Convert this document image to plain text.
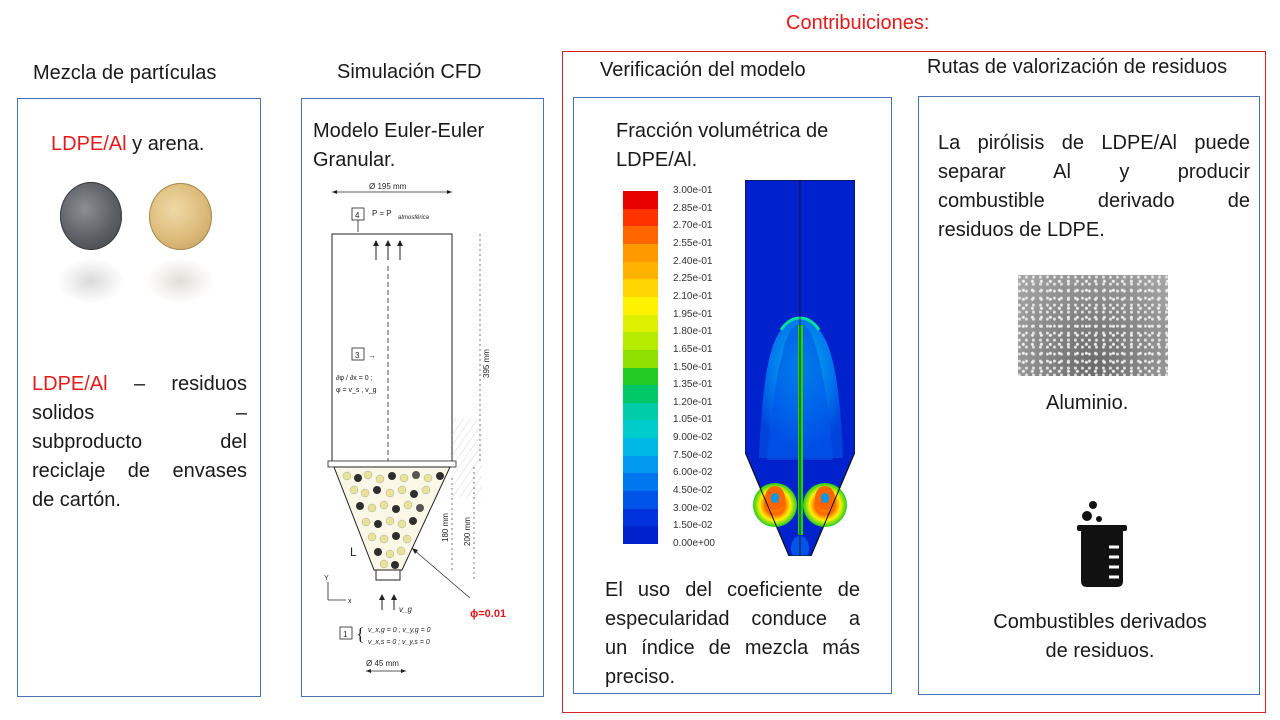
Contribuiciones:
Mezcla de partículas	Simulación CFD	Verificación del modelo	Rutas de valorización de residuos
LDPE/Al y arena.
LDPE/Al – residuos
solidos –
subproducto del
reciclaje de envases
de cartón.
Modelo Euler-Euler
Granular.
Ø 195 mm
4 P = P atmosférica
3 →
∂φ / ∂x = 0 ;
φ = v_s , v_g
395 mm
200 mm
180 mm
L
ϕ=0.01
v_g
Y
x
1 { v_x,g = 0 ; v_y,g = 0
v_x,s = 0 ; v_y,s = 0
Ø 45 mm
Fracción volumétrica de
LDPE/Al.
El uso del coeficiente de
especularidad conduce a
un índice de mezcla más
preciso.
3.00e-01
2.85e-01
2.70e-01
2.55e-01
2.40e-01
2.25e-01
2.10e-01
1.95e-01
1.80e-01
1.65e-01
1.50e-01
1.35e-01
1.20e-01
1.05e-01
9.00e-02
7.50e-02
6.00e-02
4.50e-02
3.00e-02
1.50e-02
0.00e+00
La pirólisis de LDPE/Al puede
separar Al y producir
combustible derivado de
residuos de LDPE.
Aluminio.
Combustibles derivados
de residuos.
